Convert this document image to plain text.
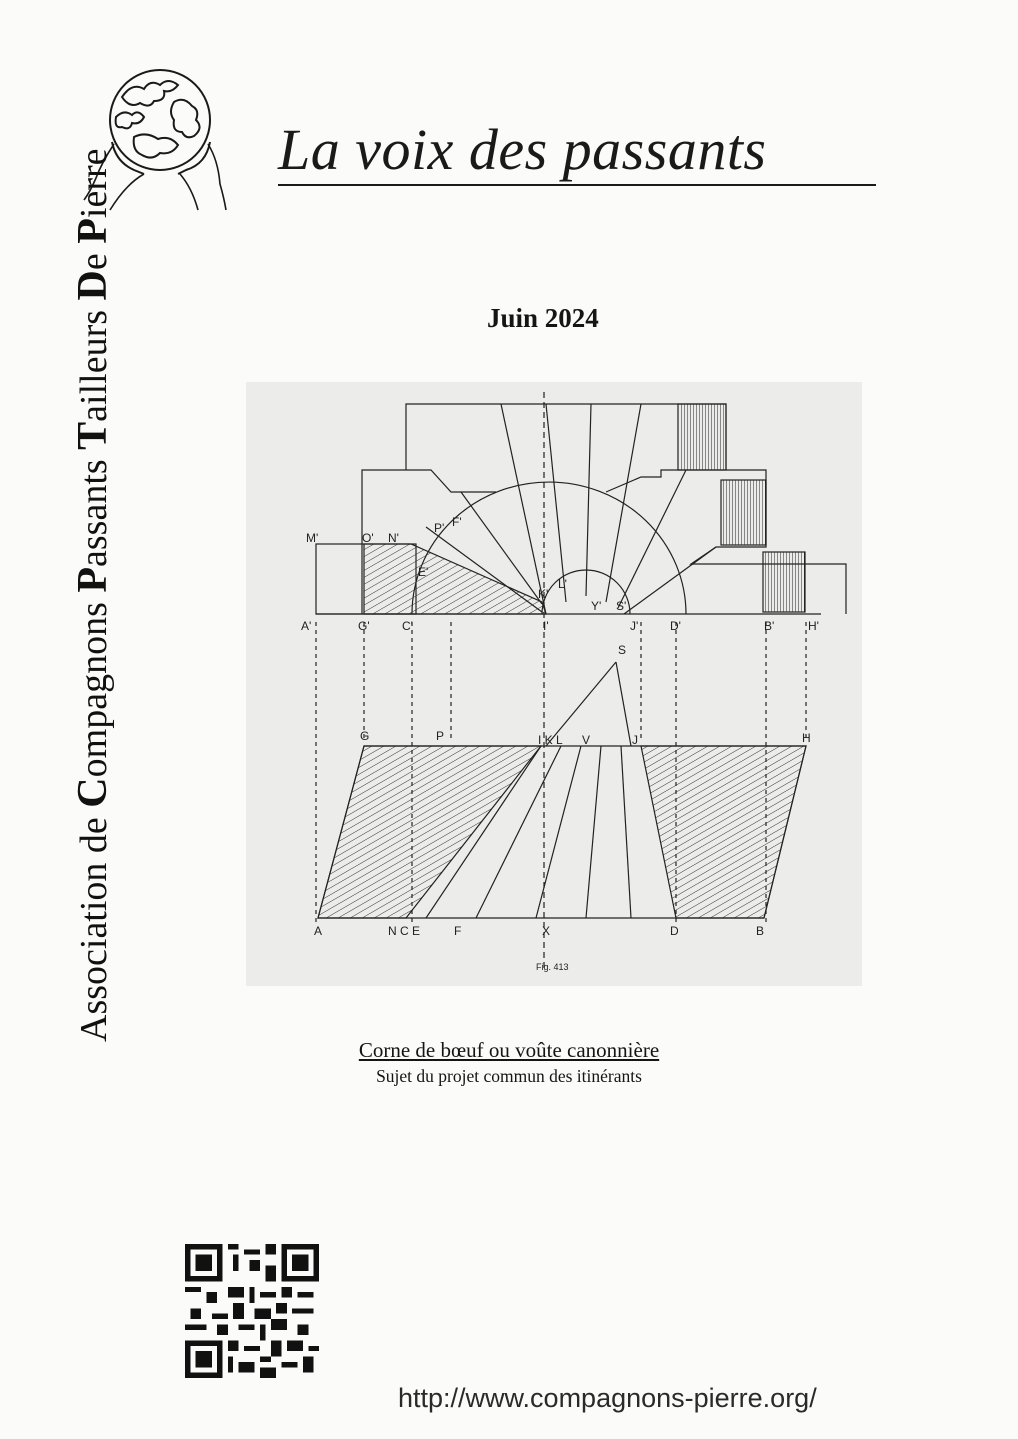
La voix des passants
Juin 2024
Association de Compagnons Passants Tailleurs De Pierre
M'	O' N'
P' F'
E'
A'	G'	C'
K'
L'
Y' S'
I'	J'	D'	B'	H'
G	P	I K L V	J	H
S
A	N C E	F	X	D	B
Fig. 413
Corne de bœuf ou voûte canonnière
Sujet du projet commun des itinérants
http://www.compagnons-pierre.org/
